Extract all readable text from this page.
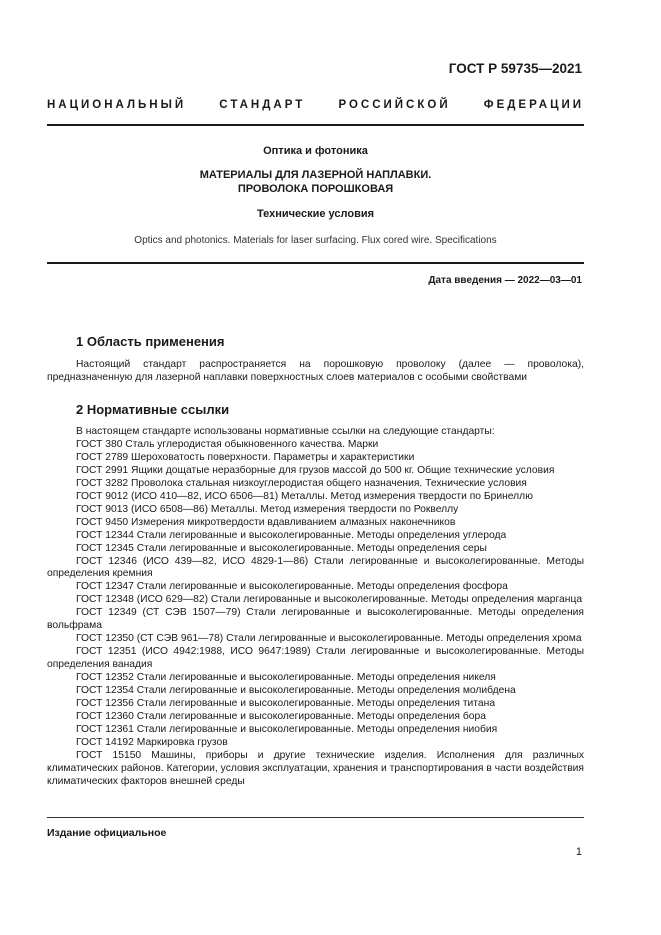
ГОСТ Р 59735—2021
НАЦИОНАЛЬНЫЙ СТАНДАРТ РОССИЙСКОЙ ФЕДЕРАЦИИ
Оптика и фотоника
МАТЕРИАЛЫ ДЛЯ ЛАЗЕРНОЙ НАПЛАВКИ.
ПРОВОЛОКА ПОРОШКОВАЯ
Технические условия
Optics and photonics. Materials for laser surfacing. Flux cored wire. Specifications
Дата введения — 2022—03—01
1 Область применения

Настоящий стандарт распространяется на порошковую проволоку (далее — проволока), предназначенную для лазерной наплавки поверхностных слоев материалов с особыми свойствами

2 Нормативные ссылки

В настоящем стандарте использованы нормативные ссылки на следующие стандарты:

ГОСТ 380 Сталь углеродистая обыкновенного качества. Марки

ГОСТ 2789 Шероховатость поверхности. Параметры и характеристики

ГОСТ 2991 Ящики дощатые неразборные для грузов массой до 500 кг. Общие технические условия

ГОСТ 3282 Проволока стальная низкоуглеродистая общего назначения. Технические условия

ГОСТ 9012 (ИСО 410—82, ИСО 6506—81) Металлы. Метод измерения твердости по Бринеллю

ГОСТ 9013 (ИСО 6508—86) Металлы. Метод измерения твердости по Роквеллу

ГОСТ 9450 Измерения микротвердости вдавливанием алмазных наконечников

ГОСТ 12344 Стали легированные и высоколегированные. Методы определения углерода

ГОСТ 12345 Стали легированные и высоколегированные. Методы определения серы

ГОСТ 12346 (ИСО 439—82, ИСО 4829-1—86) Стали легированные и высоколегированные. Методы определения кремния

ГОСТ 12347 Стали легированные и высоколегированные. Методы определения фосфора

ГОСТ 12348 (ИСО 629—82) Стали легированные и высоколегированные. Методы определения марганца

ГОСТ 12349 (СТ СЭВ 1507—79) Стали легированные и высоколегированные. Методы определения вольфрама

ГОСТ 12350 (СТ СЭВ 961—78) Стали легированные и высоколегированные. Методы определения хрома

ГОСТ 12351 (ИСО 4942:1988, ИСО 9647:1989) Стали легированные и высоколегированные. Методы определения ванадия

ГОСТ 12352 Стали легированные и высоколегированные. Методы определения никеля

ГОСТ 12354 Стали легированные и высоколегированные. Методы определения молибдена

ГОСТ 12356 Стали легированные и высоколегированные. Методы определения титана

ГОСТ 12360 Стали легированные и высоколегированные. Методы определения бора

ГОСТ 12361 Стали легированные и высоколегированные. Методы определения ниобия

ГОСТ 14192 Маркировка грузов

ГОСТ 15150 Машины, приборы и другие технические изделия. Исполнения для различных климатических районов. Категории, условия эксплуатации, хранения и транспортирования в части воздействия климатических факторов внешней среды

Издание официальное
1
